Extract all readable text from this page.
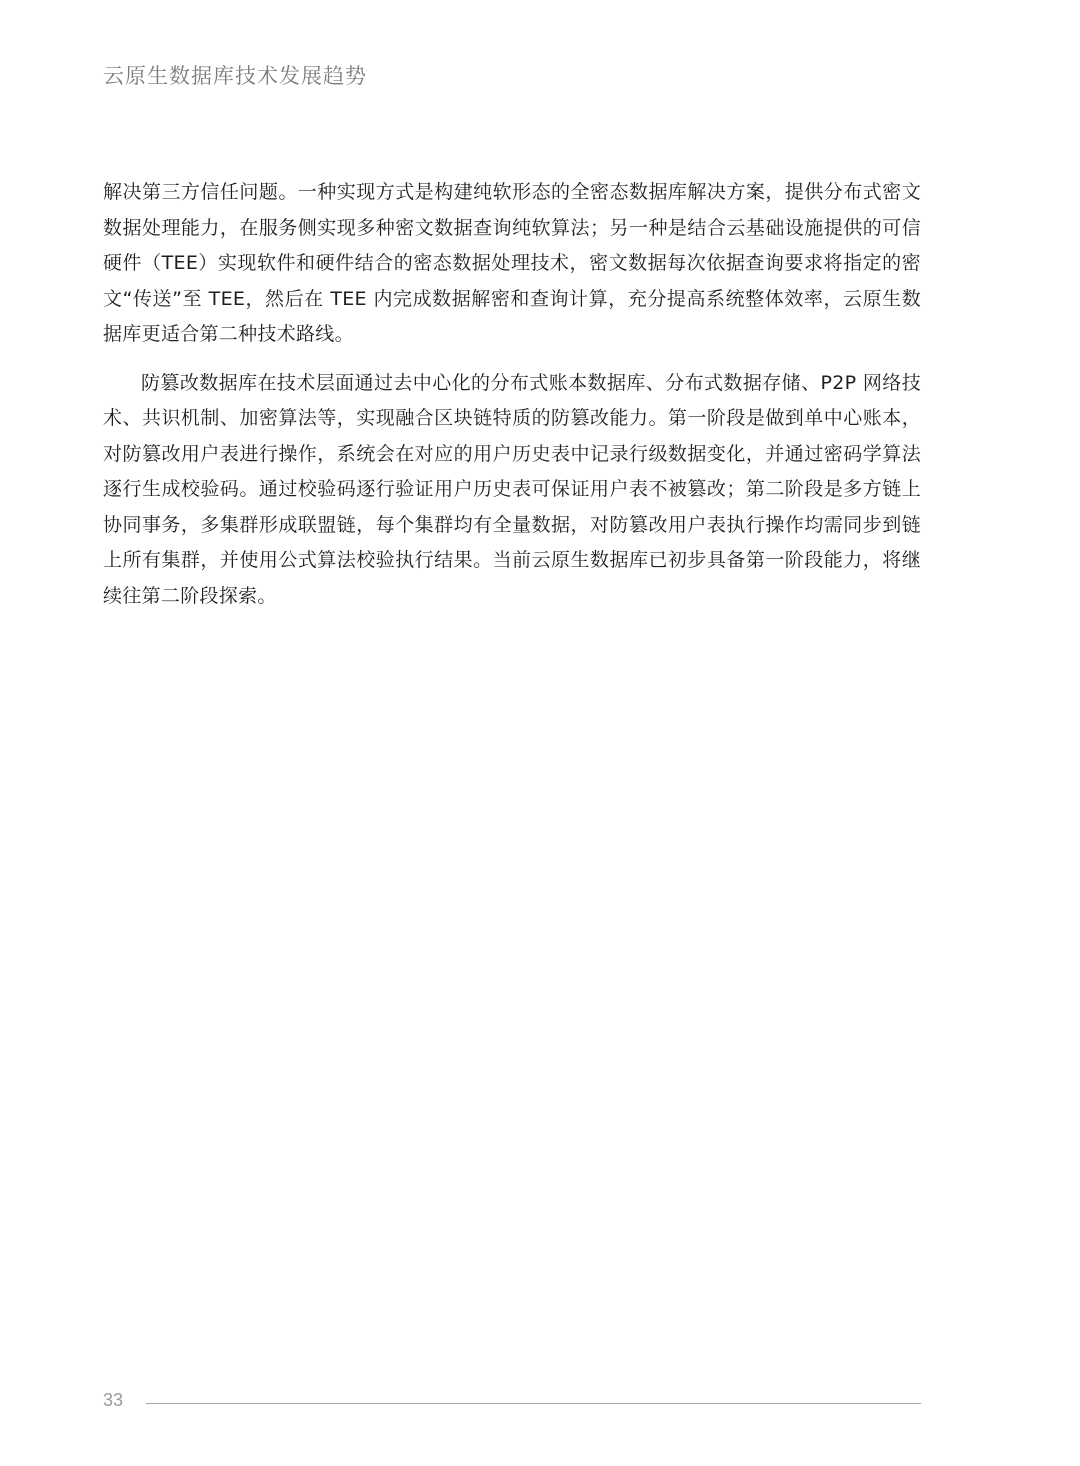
云原生数据库技术发展趋势

解决第三方信任问题。一种实现方式是构建纯软形态的全密态数据库解决方案，提供分布式密文数据处理能力，在服务侧实现多种密文数据查询纯软算法；另一种是结合云基础设施提供的可信硬件（TEE）实现软件和硬件结合的密态数据处理技术，密文数据每次依据查询要求将指定的密文“传送”至 TEE，然后在 TEE 内完成数据解密和查询计算，充分提高系统整体效率，云原生数据库更适合第二种技术路线。

防篡改数据库在技术层面通过去中心化的分布式账本数据库、分布式数据存储、P2P 网络技术、共识机制、加密算法等，实现融合区块链特质的防篡改能力。第一阶段是做到单中心账本，对防篡改用户表进行操作，系统会在对应的用户历史表中记录行级数据变化，并通过密码学算法逐行生成校验码。通过校验码逐行验证用户历史表可保证用户表不被篡改；第二阶段是多方链上协同事务，多集群形成联盟链，每个集群均有全量数据，对防篡改用户表执行操作均需同步到链上所有集群，并使用公式算法校验执行结果。当前云原生数据库已初步具备第一阶段能力，将继续往第二阶段探索。

33
